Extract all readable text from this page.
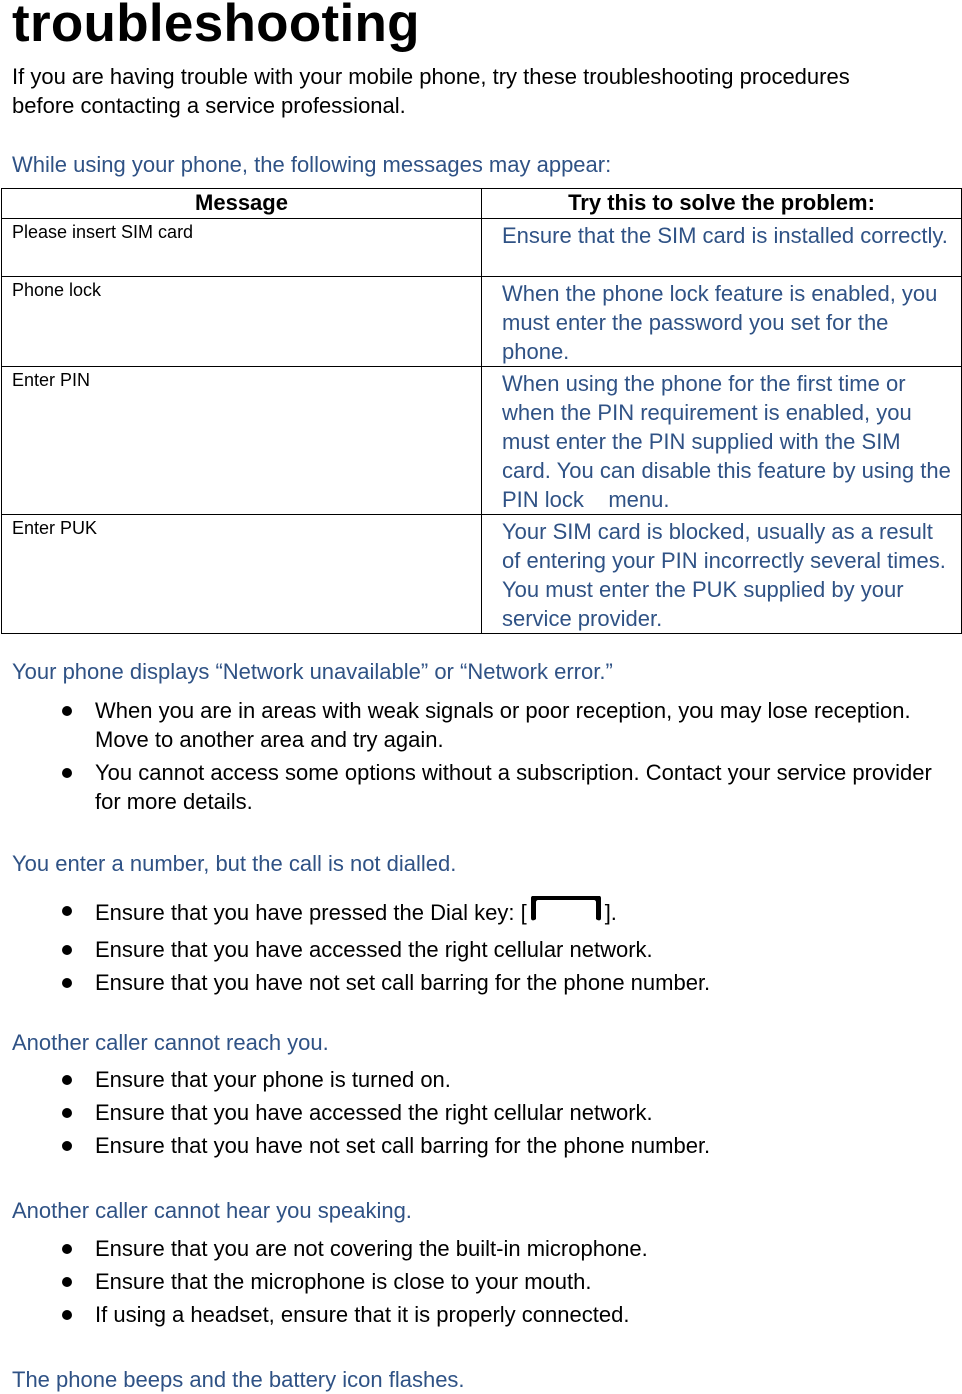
troubleshooting
If you are having trouble with your mobile phone, try these troubleshooting procedures before contacting a service professional.
While using your phone, the following messages may appear:
Message	Try this to solve the problem:
Please insert SIM card	Ensure that the SIM card is installed correctly.
Phone lock	When the phone lock feature is enabled, you must enter the password you set for the phone.
Enter PIN	When using the phone for the first time or when the PIN requirement is enabled, you must enter the PIN supplied with the SIM card. You can disable this feature by using the PIN lock    menu.
Enter PUK	Your SIM card is blocked, usually as a result of entering your PIN incorrectly several times. You must enter the PUK supplied by your service provider.
Your phone displays “Network unavailable” or “Network error.”
When you are in areas with weak signals or poor reception, you may lose reception. Move to another area and try again.
You cannot access some options without a subscription. Contact your service provider for more details.
You enter a number, but the call is not dialled.
Ensure that you have pressed the Dial key: [	].
Ensure that you have accessed the right cellular network.
Ensure that you have not set call barring for the phone number.
Another caller cannot reach you.
Ensure that your phone is turned on.
Ensure that you have accessed the right cellular network.
Ensure that you have not set call barring for the phone number.
Another caller cannot hear you speaking.
Ensure that you are not covering the built-in microphone.
Ensure that the microphone is close to your mouth.
If using a headset, ensure that it is properly connected.
The phone beeps and the battery icon flashes.
